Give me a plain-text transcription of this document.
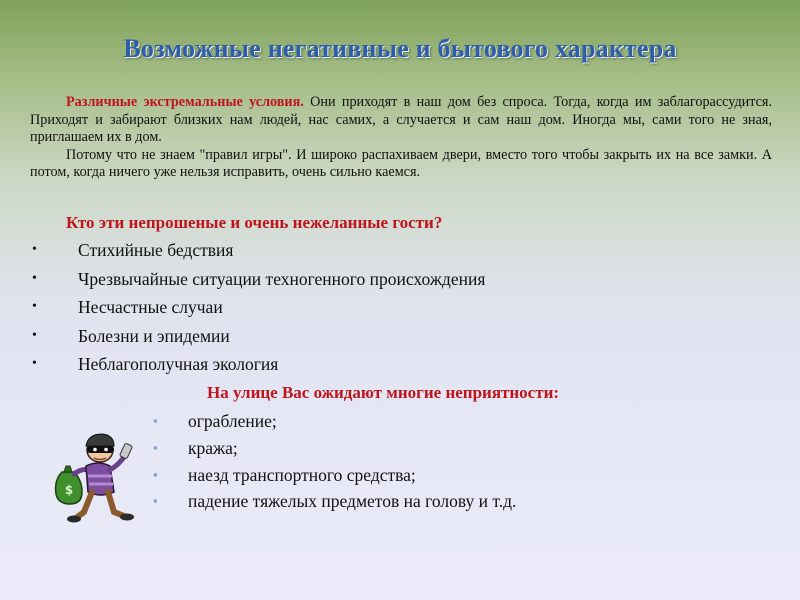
Возможные негативные и бытового характера

Различные экстремальные условия. Они приходят в наш дом без спроса. Тогда, когда им заблагорассудится. Приходят и забирают близких нам людей, нас самих, а случается и сам наш дом. Иногда мы, сами того не зная, приглашаем их в дом.

Потому что не знаем "правил игры". И широко распахиваем двери, вместо того чтобы закрыть их на все замки. А потом, когда ничего уже нельзя исправить, очень сильно каемся.

Кто эти непрошеные и очень нежеланные гости?
• Стихийные бедствия
• Чрезвычайные ситуации техногенного происхождения
• Несчастные случаи
• Болезни и эпидемии
• Неблагополучная экология
На улице Вас ожидают многие неприятности:
▪ ограбление;
▪ кража;
▪ наезд транспортного средства;
▪ падение тяжелых предметов на голову и т.д.
$
